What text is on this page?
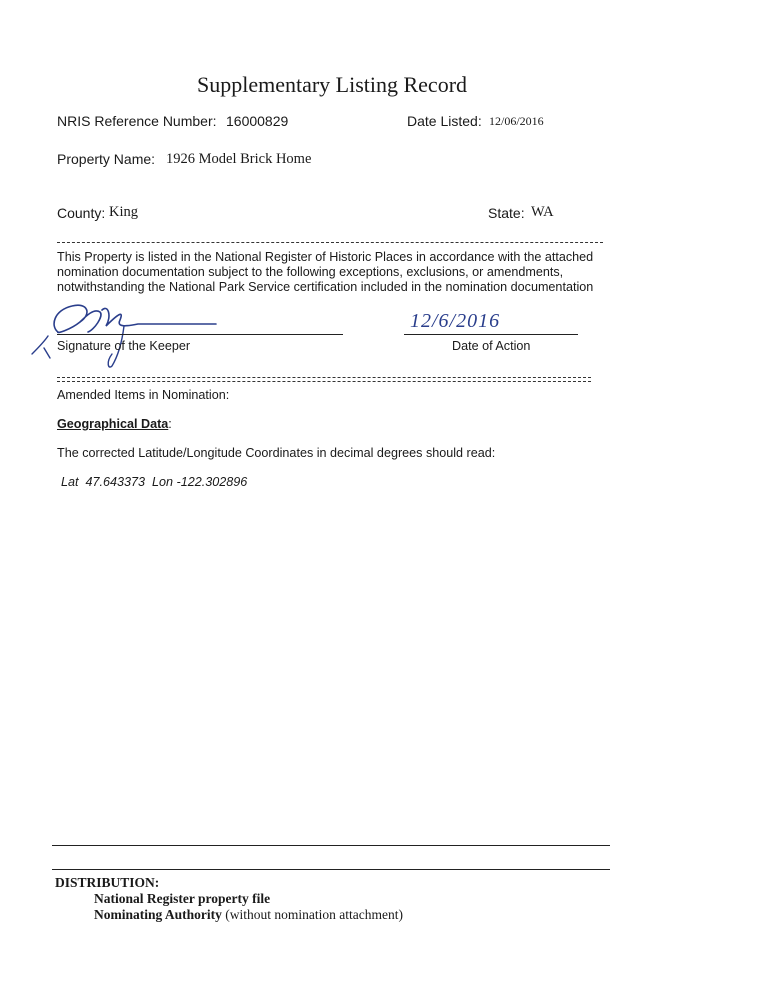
Supplementary Listing Record
NRIS Reference Number: 16000829	Date Listed: 12/06/2016
Property Name: 1926 Model Brick Home
County: King	State: WA
This Property is listed in the National Register of Historic Places in accordance with the attached nomination documentation subject to the following exceptions, exclusions, or amendments, notwithstanding the National Park Service certification included in the nomination documentation
Signature of the Keeper
12/6/2016
Date of Action
Amended Items in Nomination:
Geographical Data:
The corrected Latitude/Longitude Coordinates in decimal degrees should read:
Lat  47.643373  Lon -122.302896
DISTRIBUTION:
National Register property file
Nominating Authority (without nomination attachment)
